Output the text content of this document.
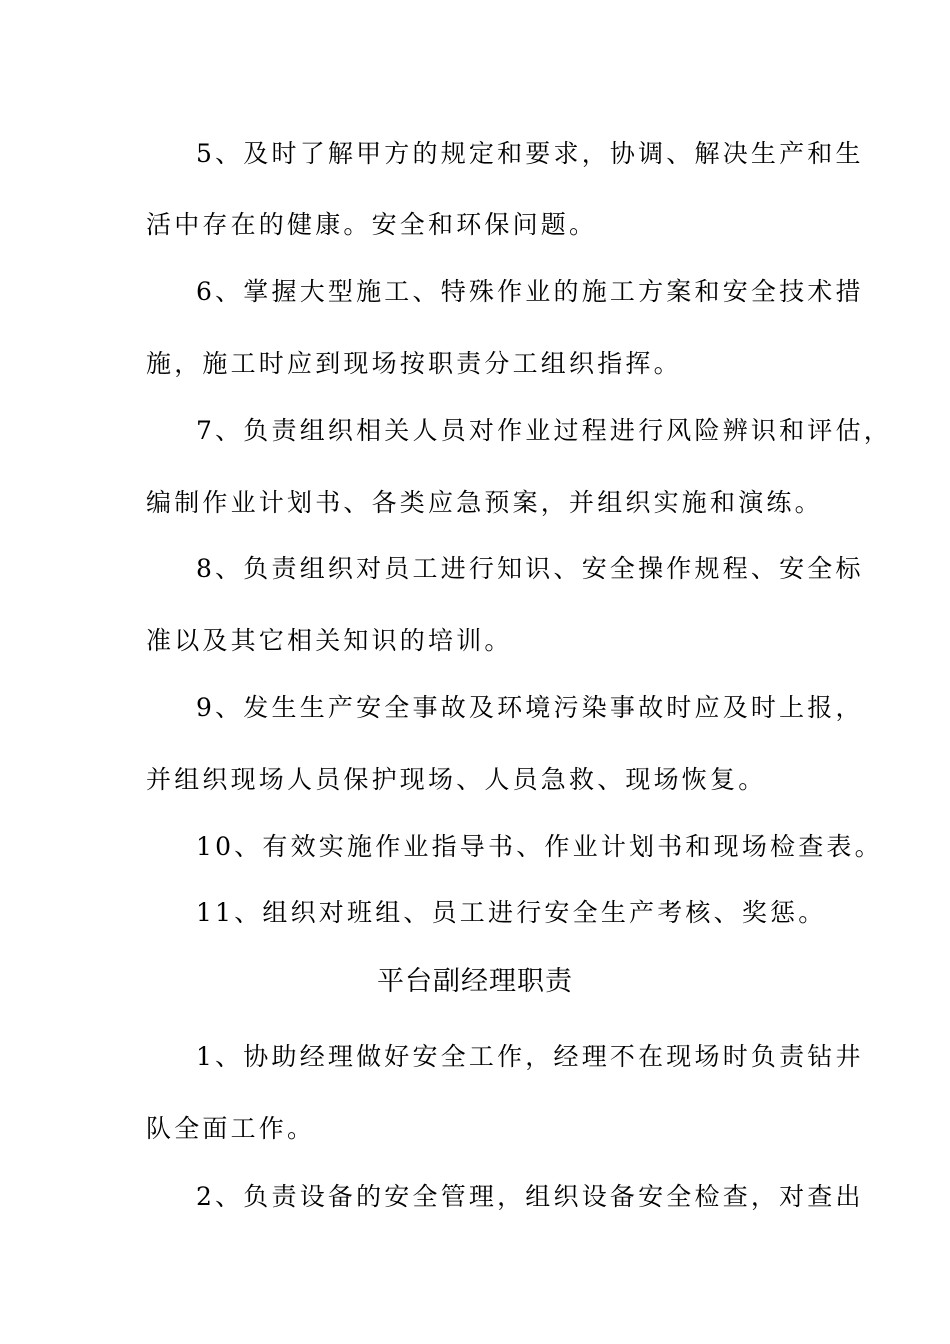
5、及时了解甲方的规定和要求，协调、解决生产和生
活中存在的健康。安全和环保问题。
6、掌握大型施工、特殊作业的施工方案和安全技术措
施，施工时应到现场按职责分工组织指挥。
7、负责组织相关人员对作业过程进行风险辨识和评估，
编制作业计划书、各类应急预案，并组织实施和演练。
8、负责组织对员工进行知识、安全操作规程、安全标
准以及其它相关知识的培训。
9、发生生产安全事故及环境污染事故时应及时上报，
并组织现场人员保护现场、人员急救、现场恢复。
10、有效实施作业指导书、作业计划书和现场检查表。
11、组织对班组、员工进行安全生产考核、奖惩。
平台副经理职责
1、协助经理做好安全工作，经理不在现场时负责钻井
队全面工作。
2、负责设备的安全管理，组织设备安全检查，对查出
